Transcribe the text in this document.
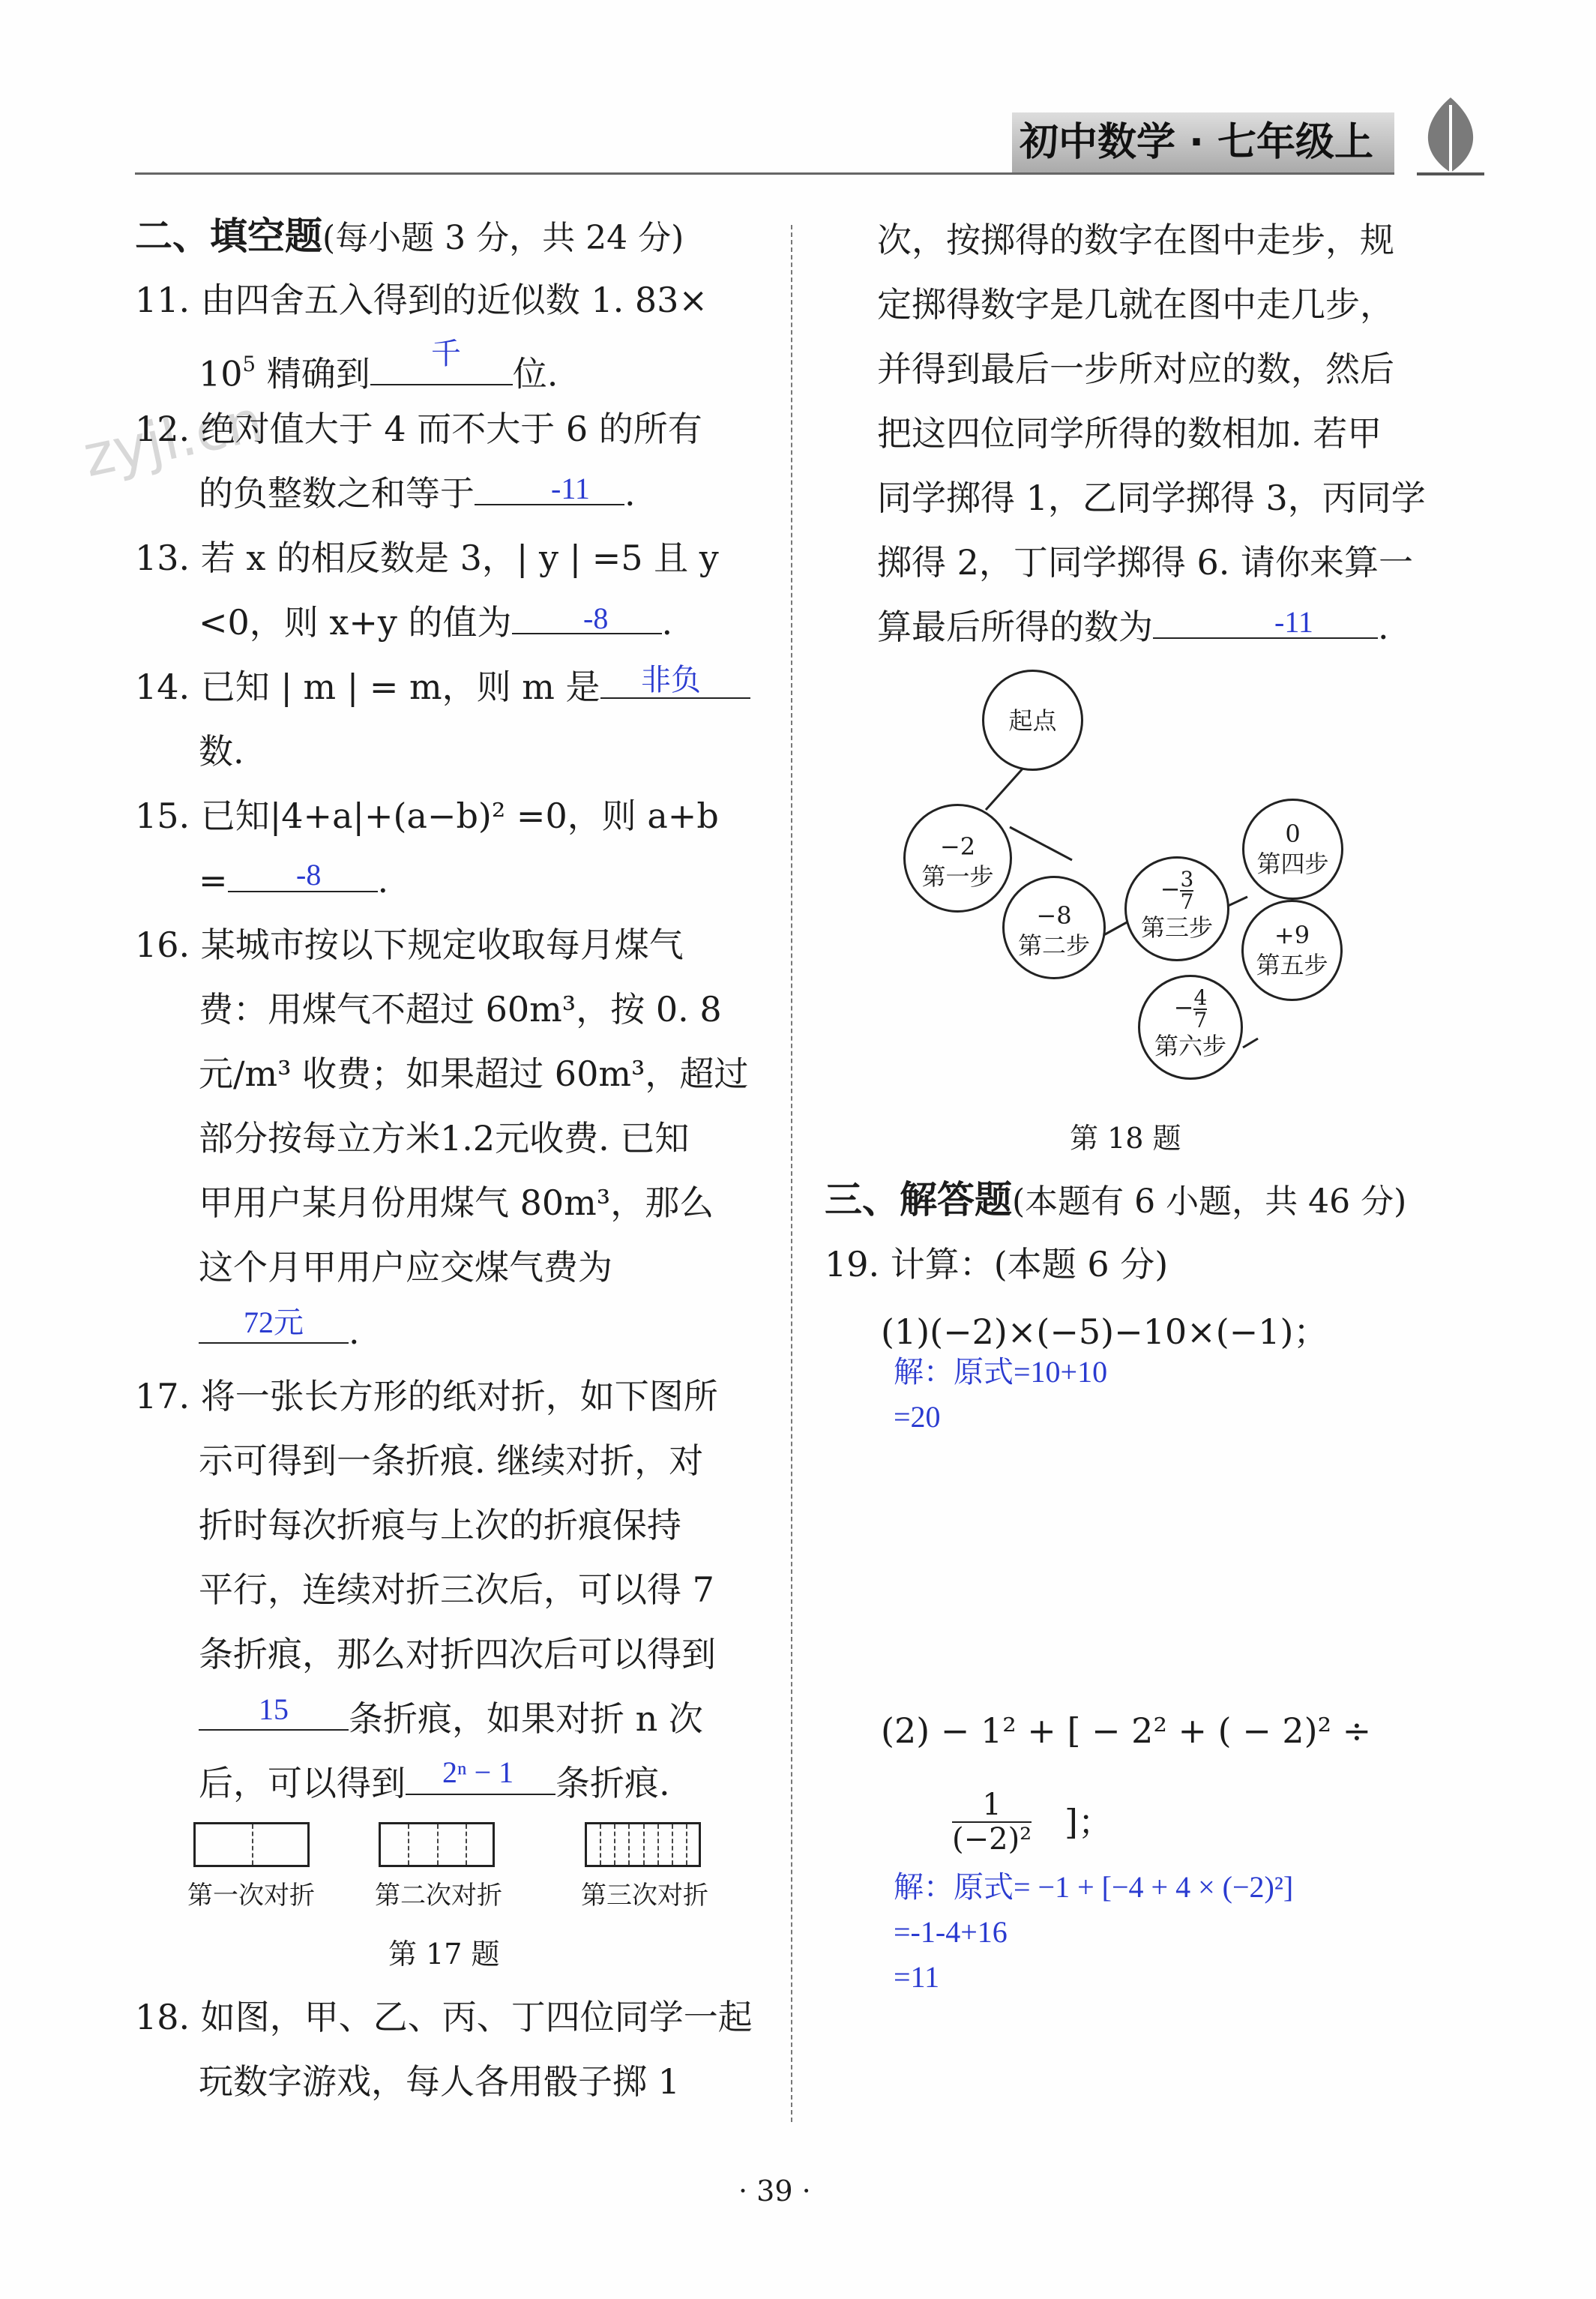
初中数学 · 七年级上
zyjl.cn
二、填空题(每小题 3 分，共 24 分)
11. 由四舍五入得到的近似数 1. 83×
$10^5$ 精确到	位.
千
12. 绝对值大于 4 而不大于 6 的所有
的负整数之和等于	.
-11
13. 若 x 的相反数是 3，| y | =5 且 y
<0，则 x+y 的值为	.
-8
14. 已知 | m | = m，则 m 是	非负
数.
15. 已知|4+a|+(a−b)² =0，则 a+b
=	.
-8
16. 某城市按以下规定收取每月煤气
费：用煤气不超过 60m³，按 0. 8
元/m³ 收费；如果超过 60m³，超过
部分按每立方米1.2元收费. 已知
甲用户某月份用煤气 80m³，那么
这个月甲用户应交煤气费为
.
72元
17. 将一张长方形的纸对折，如下图所
示可得到一条折痕. 继续对折，对
折时每次折痕与上次的折痕保持
平行，连续对折三次后，可以得 7
条折痕，那么对折四次后可以得到
条折痕，如果对折 n 次
15
后，可以得到	条折痕.
2ⁿ − 1
第一次对折 第二次对折	第三次对折
第 17 题
18. 如图，甲、乙、丙、丁四位同学一起
玩数字游戏，每人各用骰子掷 1
次，按掷得的数字在图中走步，规
定掷得数字是几就在图中走几步，
并得到最后一步所对应的数，然后
把这四位同学所得的数相加. 若甲
同学掷得 1，乙同学掷得 3，丙同学
掷得 2，丁同学掷得 6. 请你来算一
算最后所得的数为	.
-11
起点
−2
第一步
−8
第二步
− $\frac{3}{7}$
第三步
0
第四步
+9
第五步
− $\frac{4}{7}$
第六步
第 18 题
三、解答题(本题有 6 小题，共 46 分)
19. 计算：(本题 6 分)
(1)(−2)×(−5)−10×(−1)；
解：原式=10+10
=20
(2) − 1² + [ − 2² + ( − 2)² ÷
1
(−2)² ]；
解：原式= −1 + [−4 + 4 × (−2)²]
=-1-4+16
=11
· 39 ·
